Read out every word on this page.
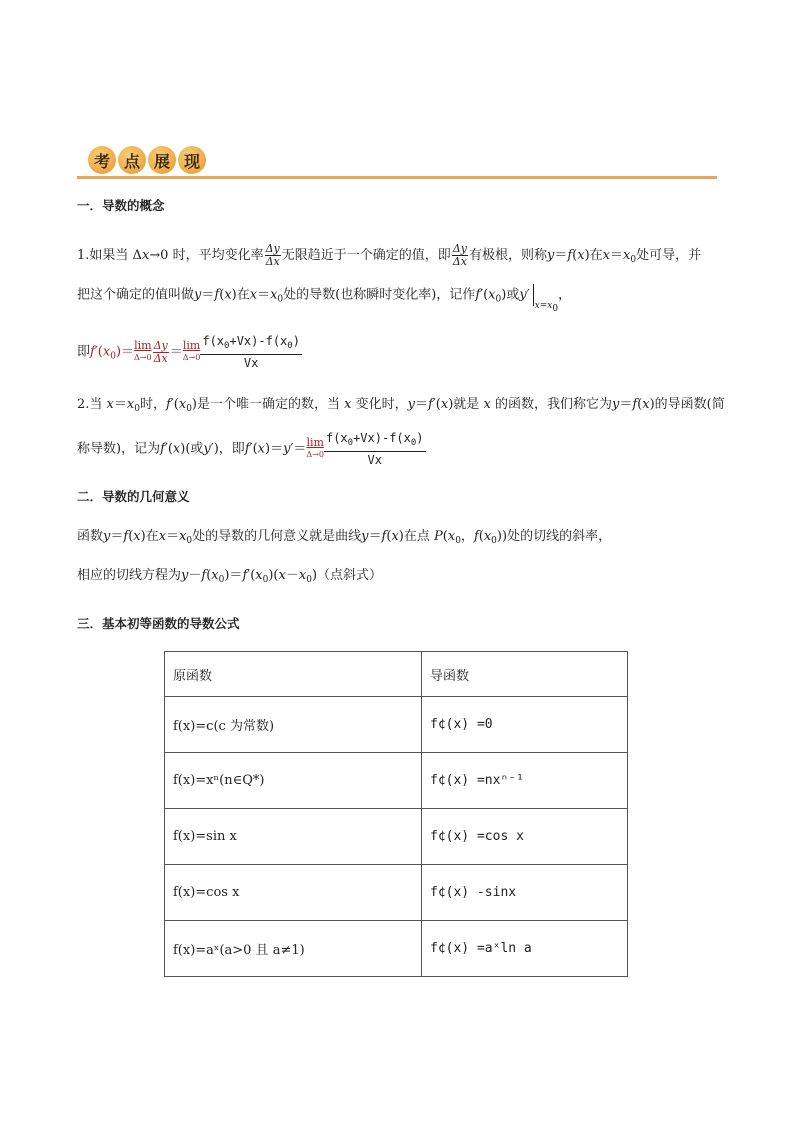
考 点 展 现
一．导数的概念
1.如果当 Δx→0 时，平均变化率 $\frac{\Delta y}{\Delta x}$ 无限趋近于一个确定的值，即 $\frac{\Delta y}{\Delta x}$ 有极根，则称y＝f(x)在$x=x_0$处可导，并
把这个确定的值叫做y＝f(x)在$x=x_0$处的导数(也称瞬时变化率)，记作$f'(x_0)$或$y'x=x_0$，
即$f'(x_0)= \lim$
$\Delta\to 0 \frac{\Delta y}{\Delta x} = \lim$
$\Delta\to 0 \frac{f(x_0+Vx)-f(x_0)}{Vx}$
2.当 $x=x_0$时，$f'(x_0)$是一个唯一确定的数，当 x 变化时，y＝f′(x)就是 x 的函数，我们称它为y＝f(x)的导函数(简
称导数)，记为f′(x)(或y′)，即f′(x)＝y′＝ lim
$\Delta\to 0 \frac{f(x_0+Vx)-f(x_0)}{Vx}$
二．导数的几何意义
函数y＝f(x)在$x=x_0$处的导数的几何意义就是曲线y＝f(x)在点 $P(x_0$，$f(x_0)$)处的切线的斜率，
相应的切线方程为$y-f(x_0)=f'(x_0)(x-x_0)$（点斜式）
三．基本初等函数的导数公式
原函数	导函数
f(x)=c(c 为常数)	f¢(x) =0
f(x)=xⁿ(n∈Q*)	f¢(x) =nxⁿ⁻¹
f(x)=sin x	f¢(x) =cos x
f(x)=cos x	f¢(x) -sinx
f(x)=aˣ(a>0 且 a≠1)	f¢(x) =aˣln a
